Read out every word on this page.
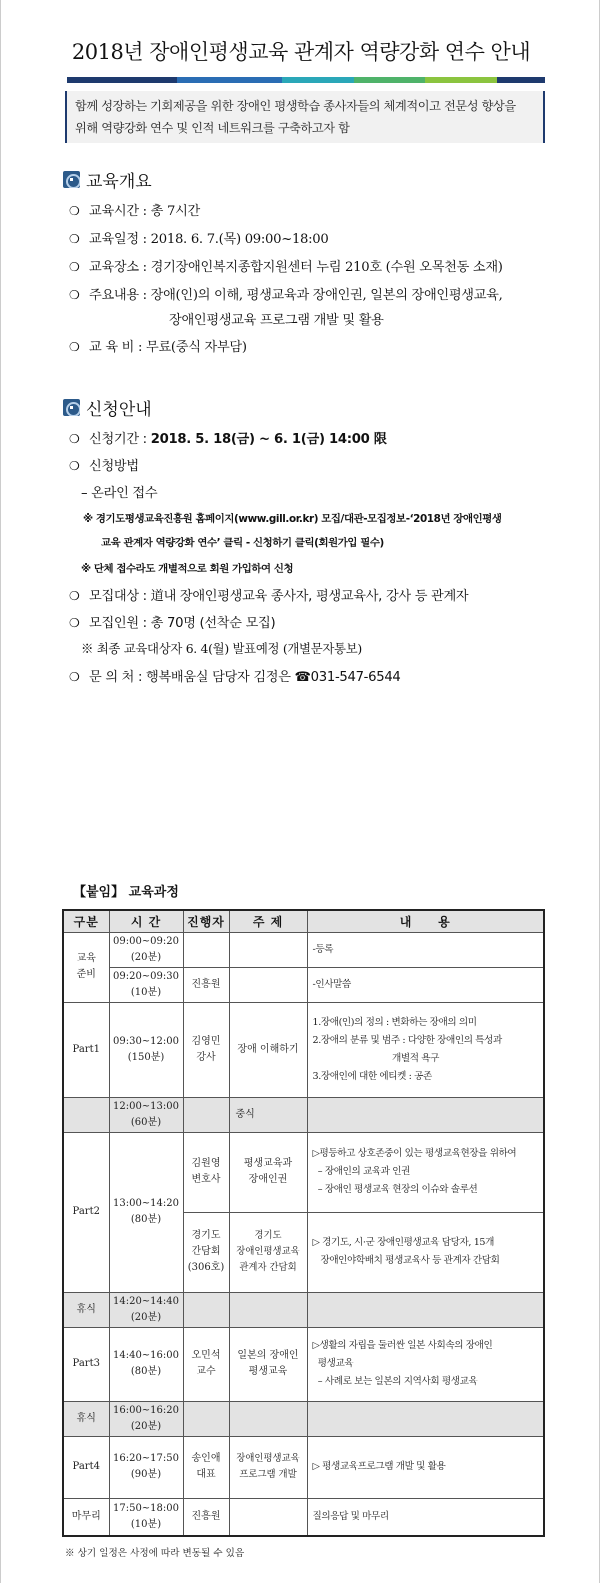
2018년 장애인평생교육 관계자 역량강화 연수 안내
함께 성장하는 기회제공을 위한 장애인 평생학습 종사자들의 체계적이고 전문성 향상을
위해 역량강화 연수 및 인적 네트워크를 구축하고자 함
교육개요
❍ 교육시간 : 총 7시간
❍ 교육일정 : 2018. 6. 7.(목) 09:00~18:00
❍ 교육장소 : 경기장애인복지종합지원센터 누림 210호 (수원 오목천동 소재)
❍ 주요내용 : 장애(인)의 이해, 평생교육과 장애인권, 일본의 장애인평생교육,
장애인평생교육 프로그램 개발 및 활용
❍ 교 육 비 : 무료(중식 자부담)
신청안내
❍ 신청기간 : 2018. 5. 18(금) ~ 6. 1(금) 14:00 限
❍ 신청방법
– 온라인 접수
※ 경기도평생교육진흥원 홈페이지(www.gill.or.kr) 모집/대관-모집정보-‘2018년 장애인평생
교육 관계자 역량강화 연수’ 클릭 - 신청하기 클릭(회원가입 필수)
※ 단체 접수라도 개별적으로 회원 가입하여 신청
❍ 모집대상 : 道내 장애인평생교육 종사자, 평생교육사, 강사 등 관계자
❍ 모집인원 : 총 70명 (선착순 모집)
※ 최종 교육대상자 6. 4(월) 발표예정 (개별문자통보)
❍ 문 의 처 : 행복배움실 담당자 김정은 ☎031-547-6544
【붙임】 교육과정
구분	시 간	진행자	주 제	내     용
교육
준비	09:00~09:20
(20분)			-등록
	09:20~09:30
(10분)	진흥원		-인사말씀
Part1	09:30~12:00
(150분)	김영민
강사	장애 이해하기	1.장애(인)의 정의 : 변화하는 장애의 의미
2.장애의 분류 및 범주 : 다양한 장애인의 특성과
개별적 욕구
3.장애인에 대한 에티켓 : 공존
	12:00~13:00
(60분)		중식	
Part2	13:00~14:20
(80분)	김원영
변호사	평생교육과
장애인권	▷평등하고 상호존중이 있는 평생교육현장을 위하여
– 장애인의 교육과 인권
– 장애인 평생교육 현장의 이슈와 솔루션
		경기도
간담회
(306호)	경기도
장애인평생교육
관계자 간담회	▷ 경기도, 시·군 장애인평생교육 담당자, 15개
장애인야학배치 평생교육사 등 관계자 간담회
휴식	14:20~14:40
(20분)			
Part3	14:40~16:00
(80분)	오민석
교수	일본의 장애인
평생교육	▷생활의 자립을 둘러싼 일본 사회속의 장애인
평생교육
– 사례로 보는 일본의 지역사회 평생교육
휴식	16:00~16:20
(20분)			
Part4	16:20~17:50
(90분)	송인애
대표	장애인평생교육
프로그램 개발	▷ 평생교육프로그램 개발 및 활용
마무리	17:50~18:00
(10분)	진흥원		질의응답 및 마무리
※ 상기 일정은 사정에 따라 변동될 수 있음
